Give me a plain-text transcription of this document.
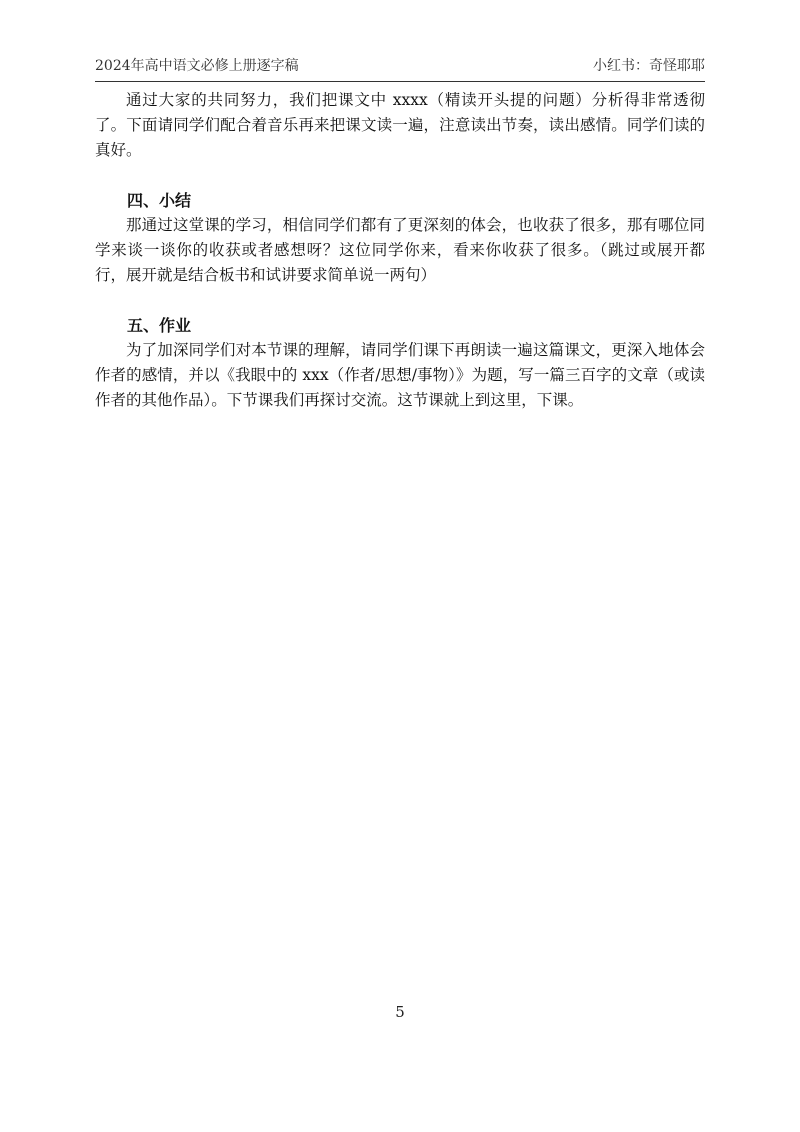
2024年高中语文必修上册逐字稿	小红书：奇怪耶耶

通过大家的共同努力，我们把课文中 xxxx（精读开头提的问题）分析得非常透彻了。下面请同学们配合着音乐再来把课文读一遍，注意读出节奏，读出感情。同学们读的真好。

四、小结

那通过这堂课的学习，相信同学们都有了更深刻的体会，也收获了很多，那有哪位同学来谈一谈你的收获或者感想呀？这位同学你来，看来你收获了很多。（跳过或展开都行，展开就是结合板书和试讲要求简单说一两句）

五、作业

为了加深同学们对本节课的理解，请同学们课下再朗读一遍这篇课文，更深入地体会作者的感情，并以《我眼中的 xxx（作者/思想/事物）》为题，写一篇三百字的文章（或读作者的其他作品）。下节课我们再探讨交流。这节课就上到这里，下课。

5
